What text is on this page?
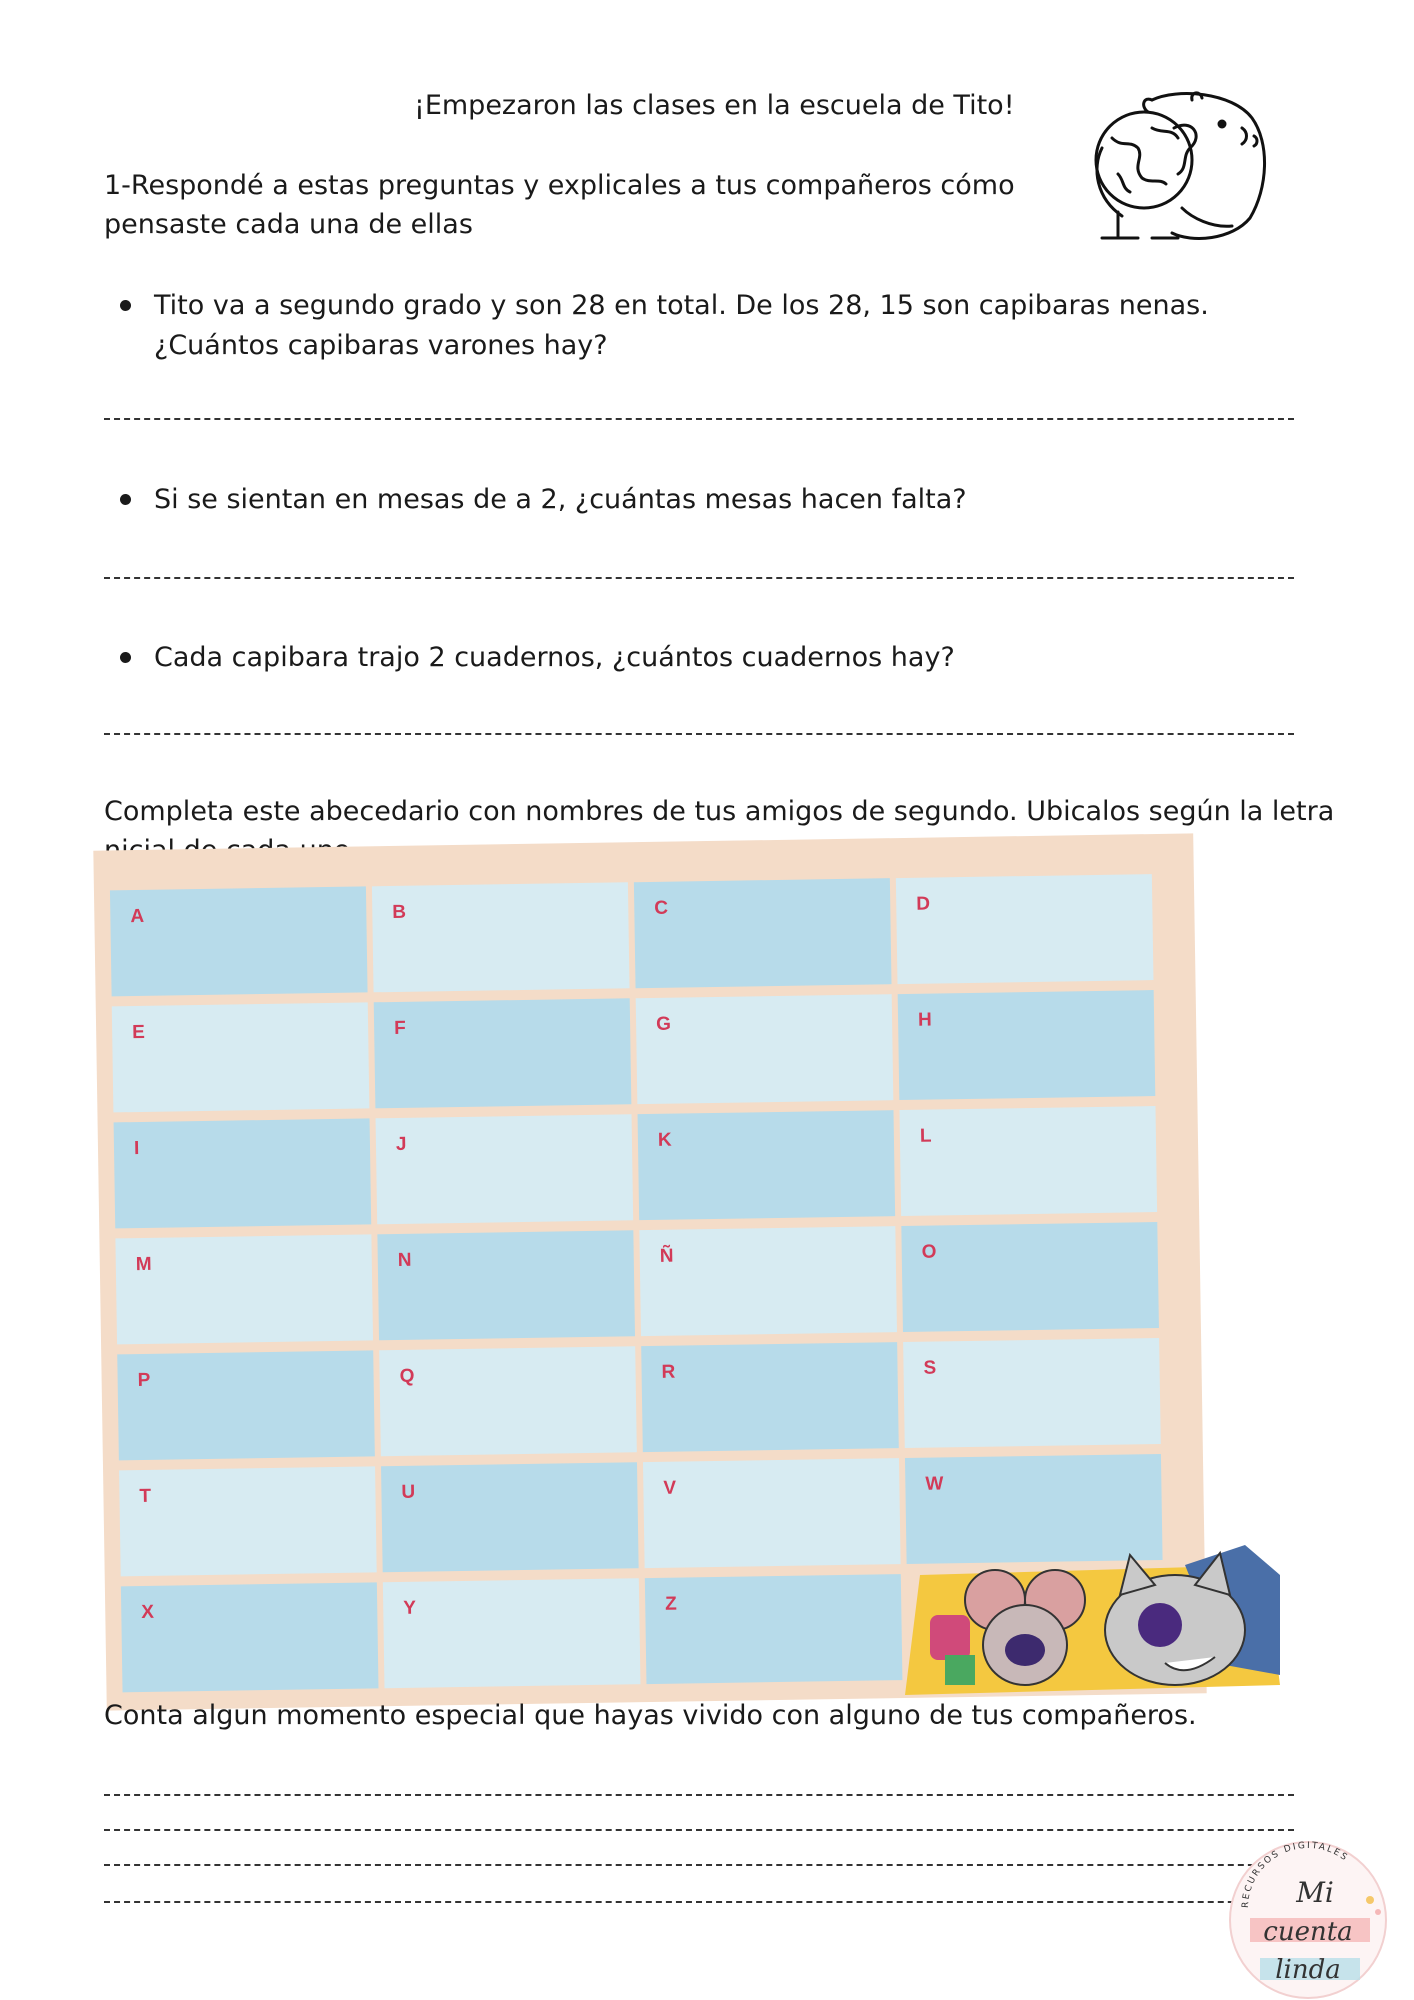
¡Empezaron las clases en la escuela de Tito!
1-Respondé a estas preguntas y explicales a tus compañeros cómo
pensaste cada una de ellas
Tito va a segundo grado y son 28 en total. De los 28, 15 son capibaras nenas.
¿Cuántos capibaras varones hay?
Si se sientan en mesas de a 2, ¿cuántas mesas hacen falta?
Cada capibara trajo 2 cuadernos, ¿cuántos cuadernos hay?
Completa este abecedario con nombres de tus amigos de segundo. Ubicalos según la letra
A	B	C	D
E	F	G	H
I	J	K	L
M	N	Ñ	O
P	Q	R	S
T	U	V	W
X	Y	Z
Conta algun momento especial que hayas vivido con alguno de tus compañeros.
RECURSOS DIGITALES
Mi
cuenta
linda
